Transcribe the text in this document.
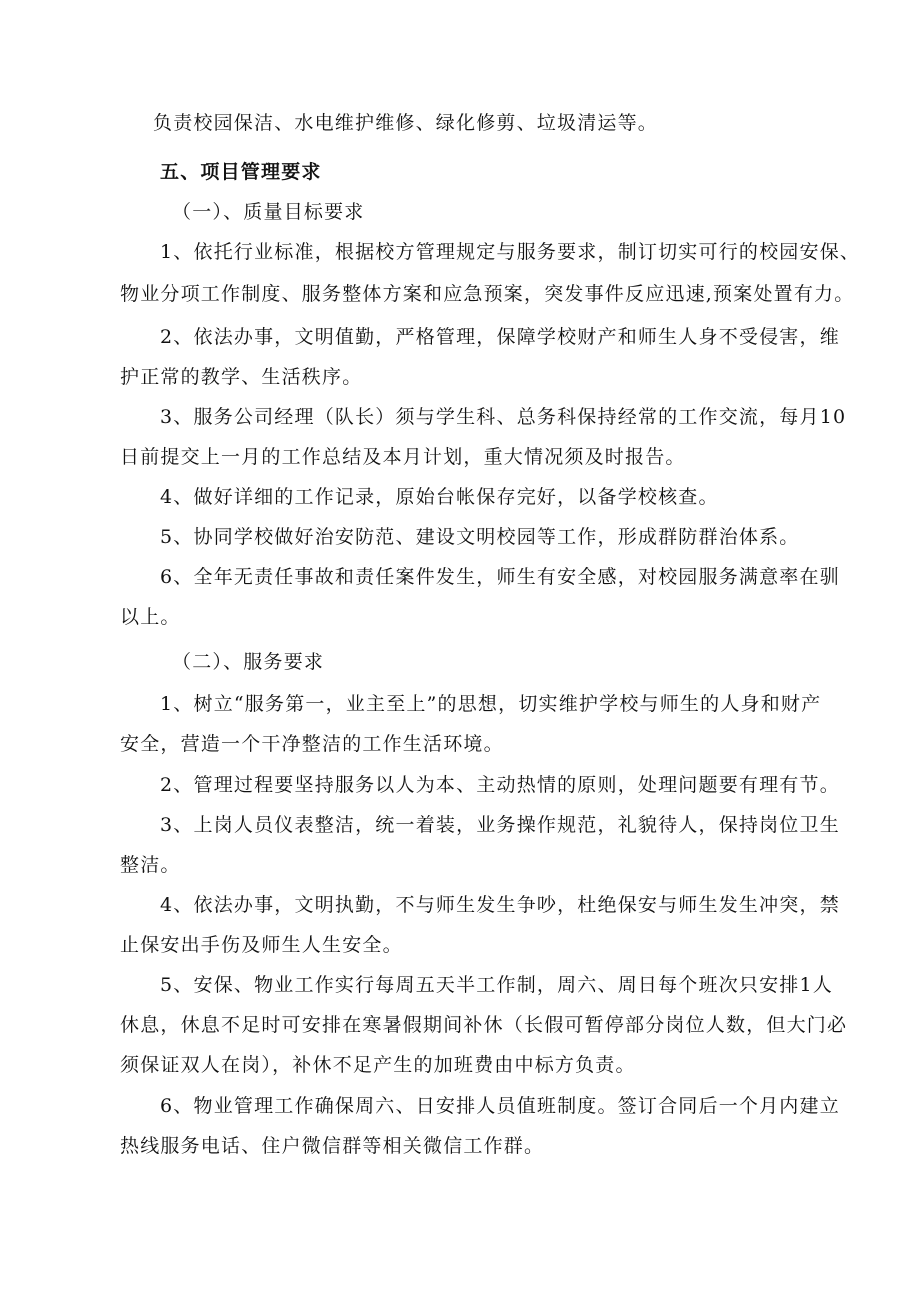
负责校园保洁、水电维护维修、绿化修剪、垃圾清运等。
五、项目管理要求
（一）、质量目标要求
1、依托行业标准，根据校方管理规定与服务要求，制订切实可行的校园安保、
物业分项工作制度、服务整体方案和应急预案，突发事件反应迅速,预案处置有力。
2、依法办事，文明值勤，严格管理，保障学校财产和师生人身不受侵害，维
护正常的教学、生活秩序。
3、服务公司经理（队长）须与学生科、总务科保持经常的工作交流，每月10
日前提交上一月的工作总结及本月计划，重大情况须及时报告。
4、做好详细的工作记录，原始台帐保存完好，以备学校核查。
5、协同学校做好治安防范、建设文明校园等工作，形成群防群治体系。
6、全年无责任事故和责任案件发生，师生有安全感，对校园服务满意率在驯
以上。
（二）、服务要求
1、树立“服务第一，业主至上”的思想，切实维护学校与师生的人身和财产
安全，营造一个干净整洁的工作生活环境。
2、管理过程要坚持服务以人为本、主动热情的原则，处理问题要有理有节。
3、上岗人员仪表整洁，统一着装，业务操作规范，礼貌待人，保持岗位卫生
整洁。
4、依法办事，文明执勤，不与师生发生争吵，杜绝保安与师生发生冲突，禁
止保安出手伤及师生人生安全。
5、安保、物业工作实行每周五天半工作制，周六、周日每个班次只安排1人
休息，休息不足时可安排在寒暑假期间补休（长假可暂停部分岗位人数，但大门必
须保证双人在岗），补休不足产生的加班费由中标方负责。
6、物业管理工作确保周六、日安排人员值班制度。签订合同后一个月内建立
热线服务电话、住户微信群等相关微信工作群。
